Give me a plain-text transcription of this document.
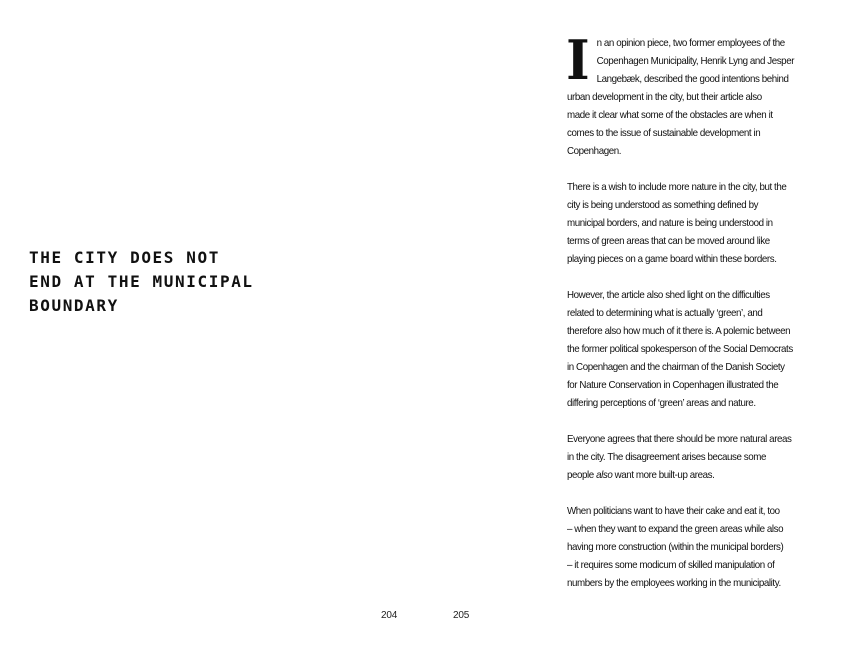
THE CITY DOES NOT
END AT THE MUNICIPAL
BOUNDARY
204

I n an opinion piece, two former employees of the
Copenhagen Municipality, Henrik Lyng and Jesper
Langebæk, described the good intentions behind
urban development in the city, but their article also
made it clear what some of the obstacles are when it
comes to the issue of sustainable development in
Copenhagen.

There is a wish to include more nature in the city, but the
city is being understood as something defined by
municipal borders, and nature is being understood in
terms of green areas that can be moved around like
playing pieces on a game board within these borders.

However, the article also shed light on the difficulties
related to determining what is actually ‘green’, and
therefore also how much of it there is. A polemic between
the former political spokesperson of the Social Democrats
in Copenhagen and the chairman of the Danish Society
for Nature Conservation in Copenhagen illustrated the
differing perceptions of ‘green’ areas and nature.

Everyone agrees that there should be more natural areas
in the city. The disagreement arises because some
people also want more built-up areas.

When politicians want to have their cake and eat it, too
– when they want to expand the green areas while also
having more construction (within the municipal borders)
– it requires some modicum of skilled manipulation of
numbers by the employees working in the municipality.

205
